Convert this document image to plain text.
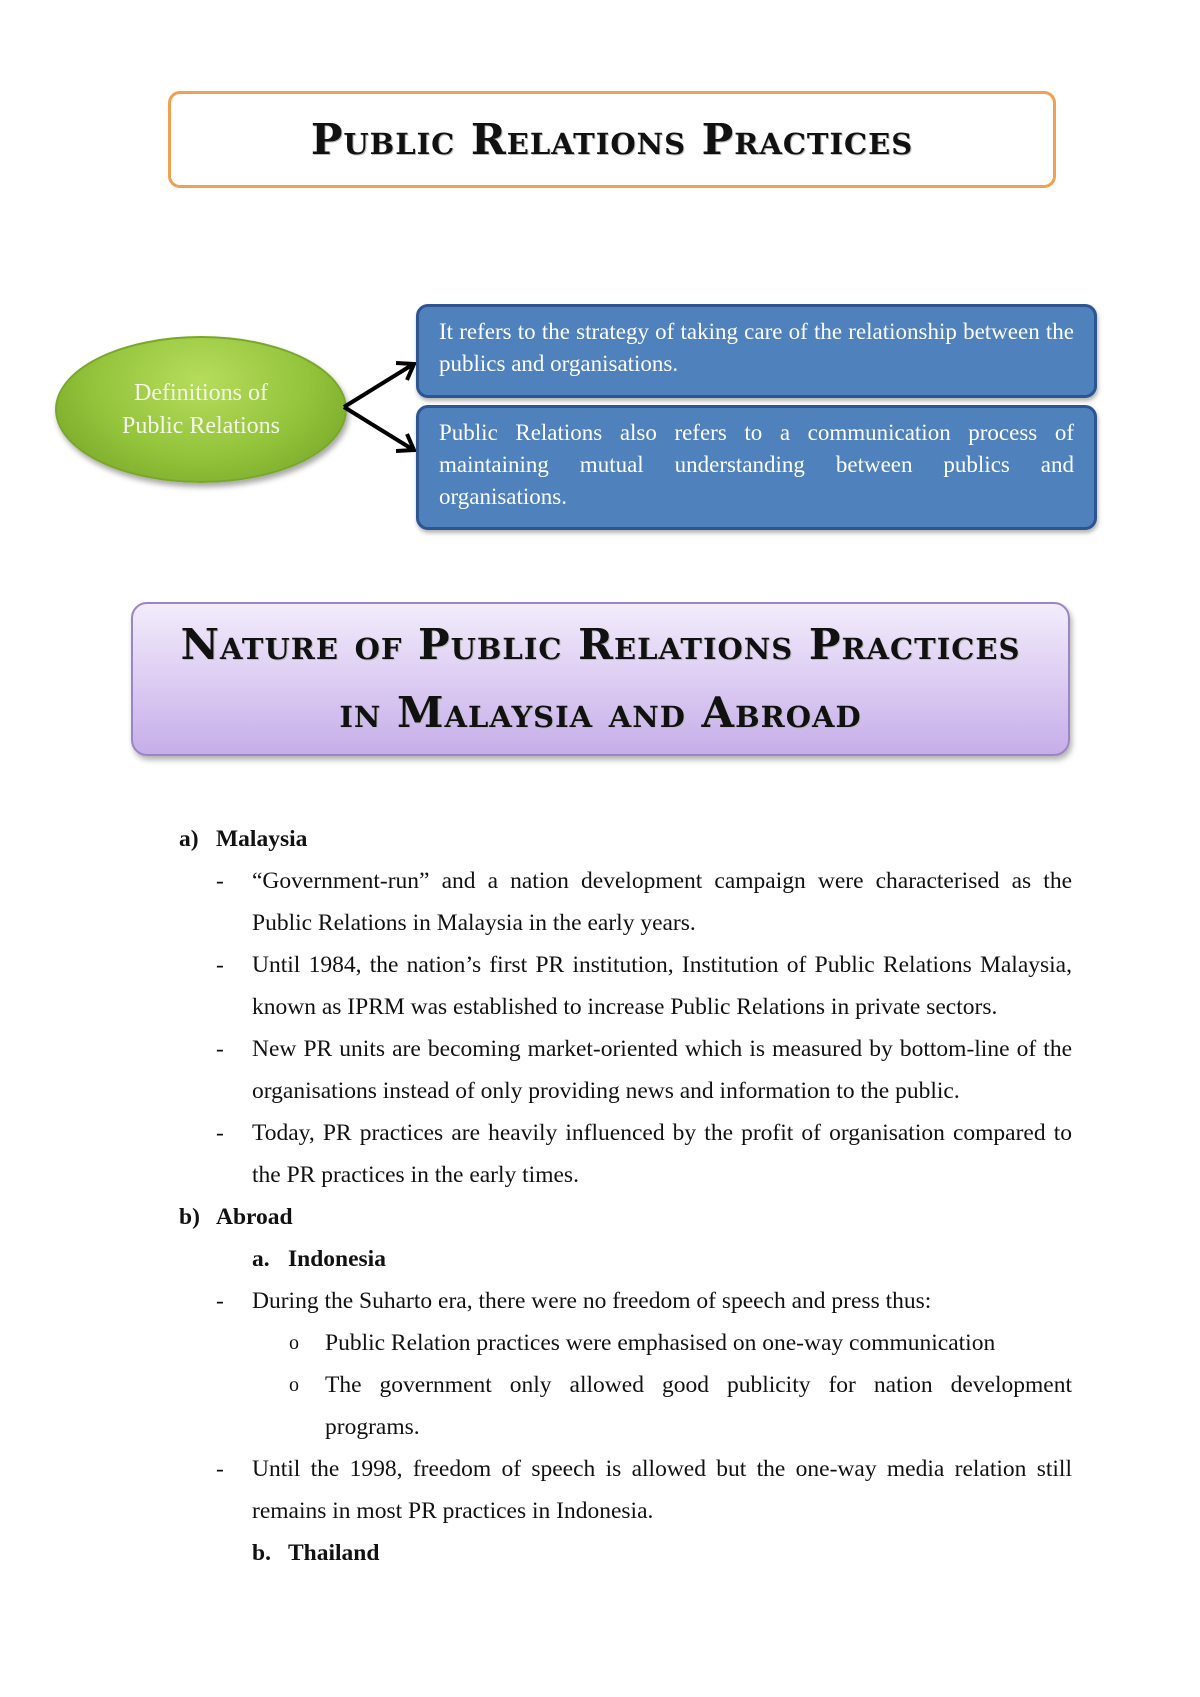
Public Relations Practices
Definitions of
Public Relations
It refers to the strategy of taking care of the relationship between the publics and organisations.
Public Relations also refers to a communication process of maintaining mutual understanding between publics and organisations.
Nature of Public Relations Practices
in Malaysia and Abroad
a) Malaysia
- “Government-run” and a nation development campaign were characterised as the Public Relations in Malaysia in the early years.
- Until 1984, the nation’s first PR institution, Institution of Public Relations Malaysia, known as IPRM was established to increase Public Relations in private sectors.
- New PR units are becoming market-oriented which is measured by bottom-line of the organisations instead of only providing news and information to the public.
- Today, PR practices are heavily influenced by the profit of organisation compared to the PR practices in the early times.
b) Abroad
a. Indonesia
- During the Suharto era, there were no freedom of speech and press thus:
o Public Relation practices were emphasised on one-way communication
o The government only allowed good publicity for nation development programs.
- Until the 1998, freedom of speech is allowed but the one-way media relation still remains in most PR practices in Indonesia.
b. Thailand
